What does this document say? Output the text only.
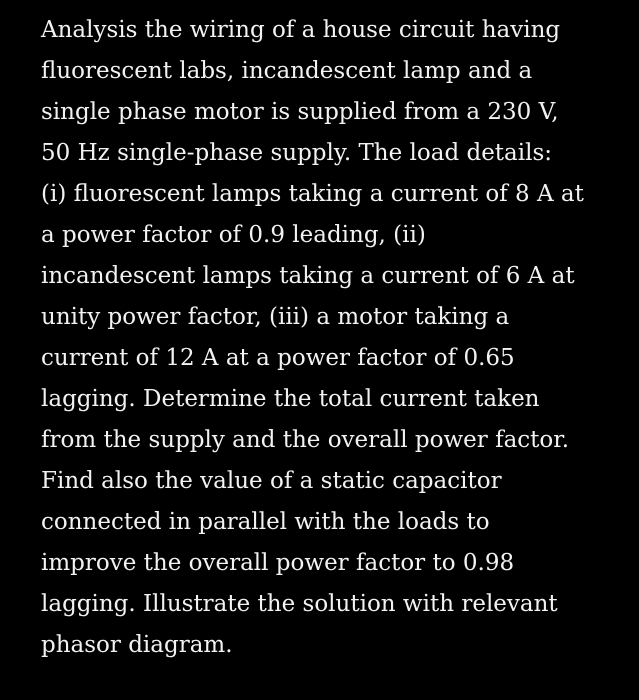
Analysis the wiring of a house circuit having
fluorescent labs, incandescent lamp and a
single phase motor is supplied from a 230 V,
50 Hz single-phase supply. The load details:
(i) fluorescent lamps taking a current of 8 A at
a power factor of 0.9 leading, (ii)
incandescent lamps taking a current of 6 A at
unity power factor, (iii) a motor taking a
current of 12 A at a power factor of 0.65
lagging. Determine the total current taken
from the supply and the overall power factor.
Find also the value of a static capacitor
connected in parallel with the loads to
improve the overall power factor to 0.98
lagging. Illustrate the solution with relevant
phasor diagram.
